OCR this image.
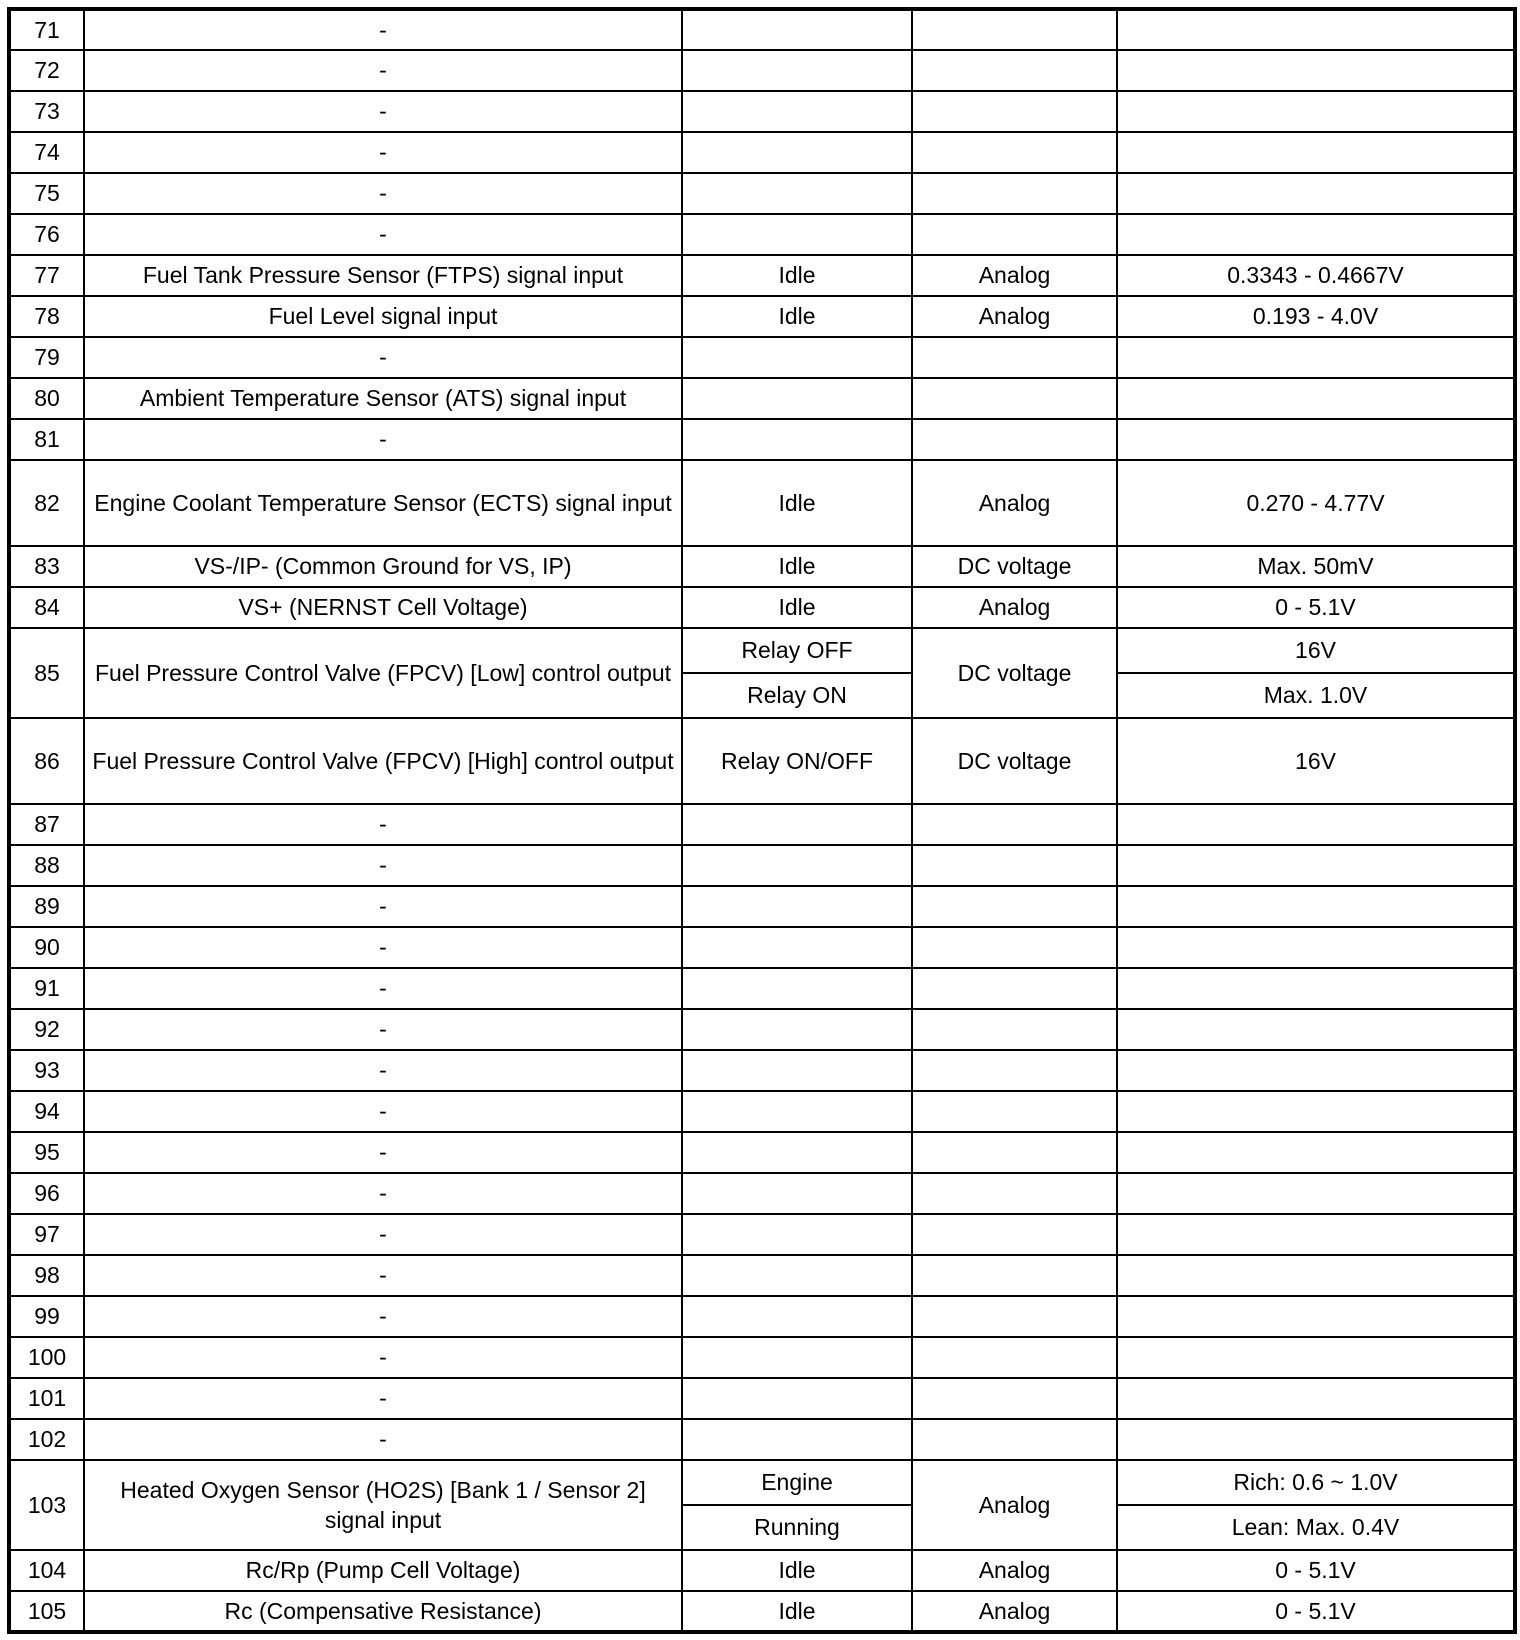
71	-			
72	-			
73	-			
74	-			
75	-			
76	-			
77	Fuel Tank Pressure Sensor (FTPS) signal input	Idle	Analog	0.3343 - 0.4667V
78	Fuel Level signal input	Idle	Analog	0.193 - 4.0V
79	-			
80	Ambient Temperature Sensor (ATS) signal input			
81	-			
82	Engine Coolant Temperature Sensor (ECTS) signal input	Idle	Analog	0.270 - 4.77V
83	VS-/IP- (Common Ground for VS, IP)	Idle	DC voltage	Max. 50mV
84	VS+ (NERNST Cell Voltage)	Idle	Analog	0 - 5.1V
85	Fuel Pressure Control Valve (FPCV) [Low] control output	Relay OFF	DC voltage	16V
		Relay ON		Max. 1.0V
86	Fuel Pressure Control Valve (FPCV) [High] control output	Relay ON/OFF	DC voltage	16V
87	-			
88	-			
89	-			
90	-			
91	-			
92	-			
93	-			
94	-			
95	-			
96	-			
97	-			
98	-			
99	-			
100	-			
101	-			
102	-			
103	Heated Oxygen Sensor (HO2S) [Bank 1 / Sensor 2] signal input	Engine	Analog	Rich: 0.6 ~ 1.0V
		Running		Lean: Max. 0.4V
104	Rc/Rp (Pump Cell Voltage)	Idle	Analog	0 - 5.1V
105	Rc (Compensative Resistance)	Idle	Analog	0 - 5.1V
